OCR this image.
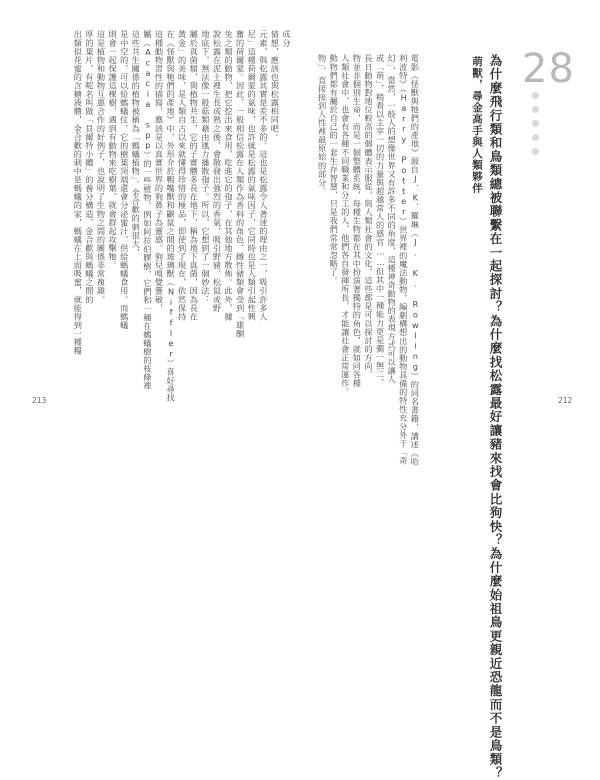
成分
猜想，應該也與松露相同吧。
元素，與松露其實是差不多的。這也是松露令人著迷的理由之一，吸引許多人
尼」這種荷爾蒙的氣味，也許就是松露的氣味因子，它同時也是人類引起性興
奮的荷爾蒙。因此，一般相信松露在人類作為香料的角色，雌性豬類會受到「雄酮
兔之類的動物，把它挖出來食用，吃進它的孢子，在其他地方散佈。此外，據
說松露在泥土裡生長成熟之後，會散發出強烈的香氣，吸引野豬、松鼠或野
地底下，無法像一般菇類藉由風力播散孢子。所以，它想到了一個妙法：
屬於真菌類，與植物共生，它的子實體多長在地下，稱為地下真菌，因為長在
黃金」的美味，是人類自古以來就懂得珍惜的極品，即使到了現在，依然保持
在《怪獸與牠們的產地》中，外形介於鴨嘴獸和鼴鼠之間的玻璃獸（Niffler）喜好尋找
這種動物習性的描寫，應該是以真實世界的狗鼻子為靈感。狗兒嗅覺靈敏，
屬（Acacia spp）的一些植物，例如阿拉伯膠樹，它們和一種在螞蟻樹的枝條裡
這些共生關係的植物被稱為「螞蟻植物」。金合歡的刺很大，
是中空的，可以給螞蟻住，它的樹葉頂端還會分泌蜜汁，供給螞蟻食用。而螞蟻
則會一起保護這棵樹，遇到有動物來吃樹葉，就會群起攻擊牠。
這是植物和動物互惠合作的好例子，也說明了生物之間的關係非常複雜。
厚的葉片，有呢名叫做「貝爾特小體」的養分構造，金合歡與螞蟻之間的
出類似花蜜的含糖液體，金合歡的刺中是螞蟻的家，螞蟻在上面吸蜜，就能得到一種糧
213
28
為什麼飛行類和鳥類總被聯繫在一起探討？為什麼找松露最好讓豬來找會比狗快？為什麼始祖鳥更親近恐龍而不是鳥類？
萌獸，尋金高手與人類夥伴
電影《怪獸與牠們的產地》源自J．K．羅琳（J. K. Rowling）的同名書籍，講述《哈
利波特》（Harry Potter）世界裡的魔法動物，編劇構想出的動物具備的特性充分外于「奇
幻」，當然，一般人的想像世界又有許多不同的角度，這種神奇動物的表現方式可以讓人
或「萌」，稍看以主宰一切的力量與超越常人的感官……但其中一種能力更是獨一無二，
長日動物對地位較高的個體表示服從，與人類社會的文化，這些都是可以探討的方向，
物並非個別生命，而是一個整體系統，每種生物都在其中扮演著獨特的角色，就如同各種
人類社會中，也會有各種不同職業和分工的人，他們各自發揮所長，才能讓社會正常運作。
動物們都有屬於自己的一套生存智慧，只是我們常常忽略了。
物」，直接接到人性裡最原始的部分。
212
